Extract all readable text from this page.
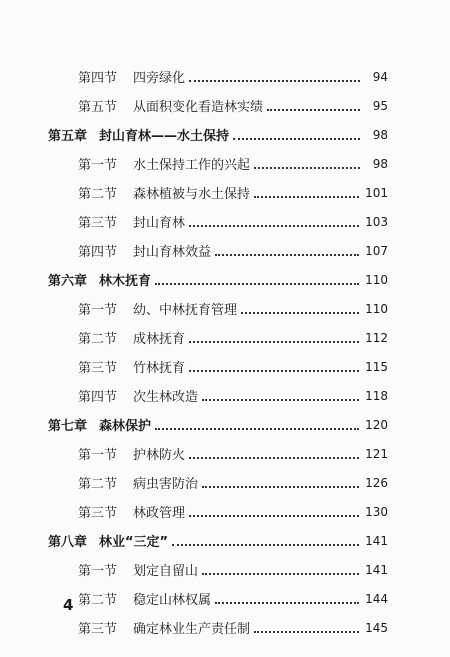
第四节 四旁绿化	94
第五节 从面积变化看造林实绩	95
第五章 封山育林——水土保持	98
第一节 水土保持工作的兴起	98
第二节 森林植被与水土保持	101
第三节 封山育林	103
第四节 封山育林效益	107
第六章 林木抚育	110
第一节 幼、中林抚育管理	110
第二节 成林抚育	112
第三节 竹林抚育	115
第四节 次生林改造	118
第七章 森林保护	120
第一节 护林防火	121
第二节 病虫害防治	126
第三节 林政管理	130
第八章 林业“三定”	141
第一节 划定自留山	141
第二节 稳定山林权属	144
第三节 确定林业生产责任制	145
4
